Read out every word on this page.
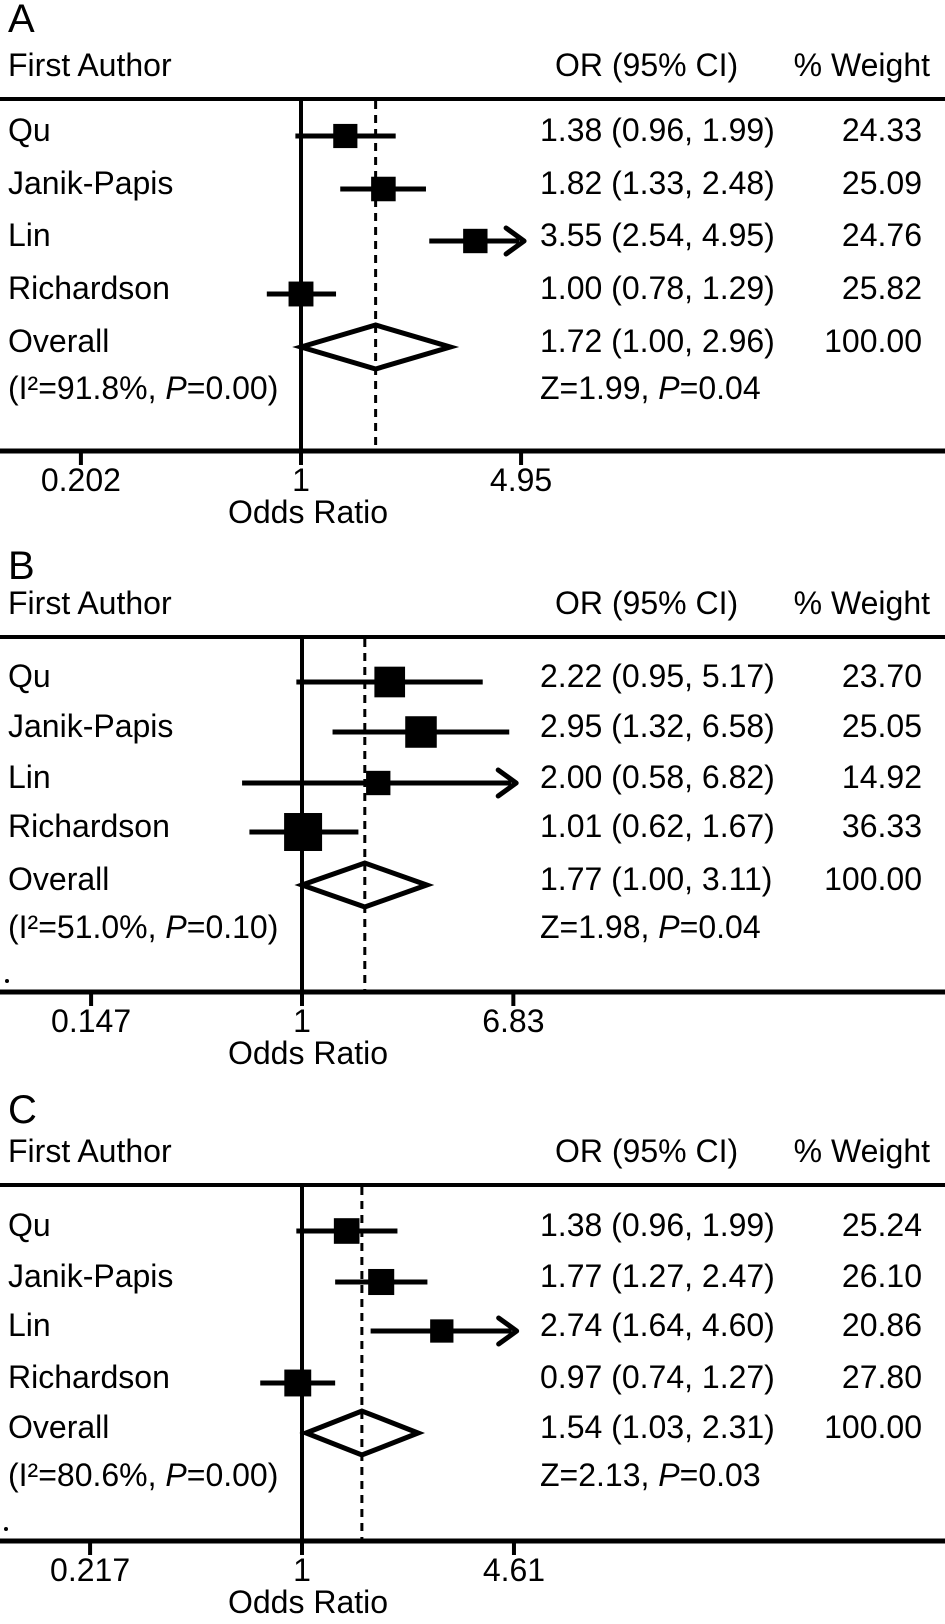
A
First Author	OR (95% CI)	% Weight
Qu	1.38 (0.96, 1.99)	24.33
Janik-Papis	1.82 (1.33, 2.48)	25.09
Lin	3.55 (2.54, 4.95)	24.76
Richardson	1.00 (0.78, 1.29)	25.82
Overall	1.72 (1.00, 2.96)	100.00
(I²=91.8%, P=0.00)	Z=1.99, P=0.04
0.202	1	4.95
Odds Ratio
B
First Author	OR (95% CI)	% Weight
Qu	2.22 (0.95, 5.17)	23.70
Janik-Papis	2.95 (1.32, 6.58)	25.05
Lin	2.00 (0.58, 6.82)	14.92
Richardson	1.01 (0.62, 1.67)	36.33
Overall	1.77 (1.00, 3.11)	100.00
(I²=51.0%, P=0.10)	Z=1.98, P=0.04
0.147	1	6.83
Odds Ratio
C
First Author	OR (95% CI)	% Weight
Qu	1.38 (0.96, 1.99)	25.24
Janik-Papis	1.77 (1.27, 2.47)	26.10
Lin	2.74 (1.64, 4.60)	20.86
Richardson	0.97 (0.74, 1.27)	27.80
Overall	1.54 (1.03, 2.31)	100.00
(I²=80.6%, P=0.00)	Z=2.13, P=0.03
0.217	1	4.61
Odds Ratio
